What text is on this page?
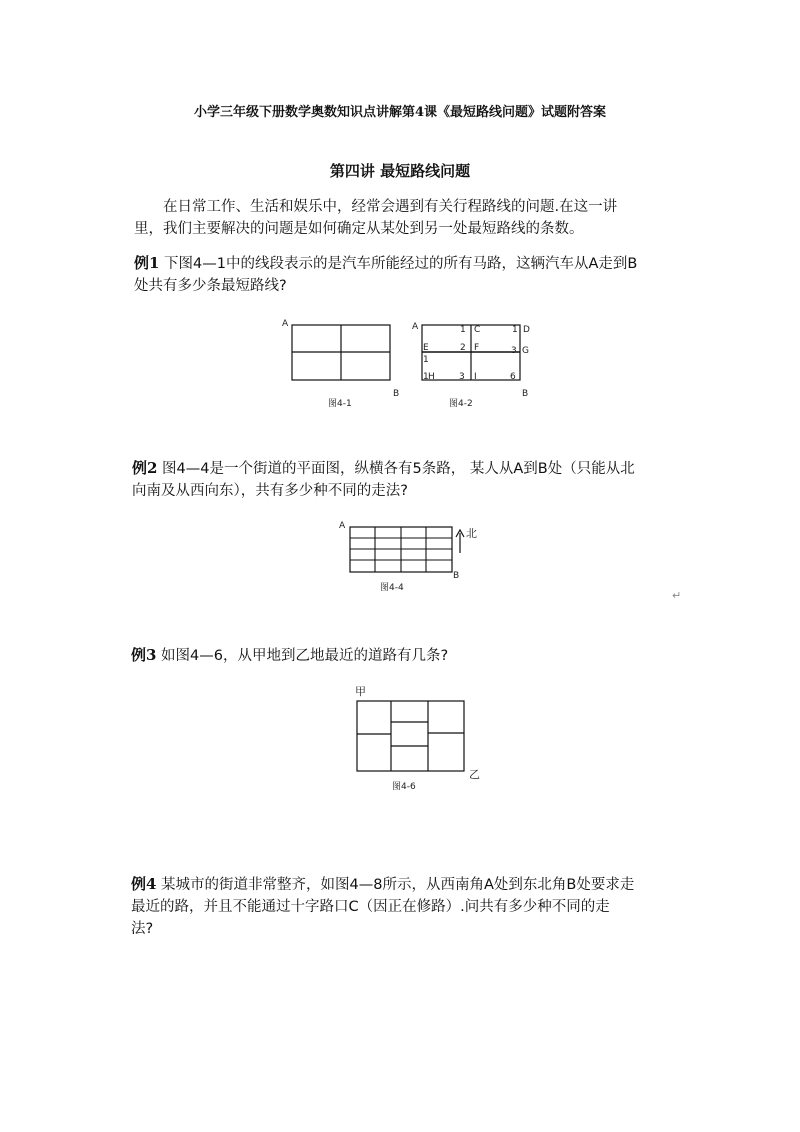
小学三年级下册数学奥数知识点讲解第4课《最短路线问题》试题附答案
第四讲 最短路线问题
在日常工作、生活和娱乐中，经常会遇到有关行程路线的问题.在这一讲
里，我们主要解决的问题是如何确定从某处到另一处最短路线的条数。
例1 下图4—1中的线段表示的是汽车所能经过的所有马路，这辆汽车从A走到B
处共有多少条最短路线?
A
B
图4-1
A	1 C	1 D
E
1
2 F	3 G
1 H	3 I	6
B
图4-2
例2 图4—4是一个街道的平面图，纵横各有5条路， 某人从A到B处（只能从北
向南及从西向东），共有多少种不同的走法?
A
B
北
图4-4
↵
例3 如图4—6，从甲地到乙地最近的道路有几条?
甲
乙
图4-6
例4 某城市的街道非常整齐，如图4—8所示，从西南角A处到东北角B处要求走
最近的路，并且不能通过十字路口C（因正在修路）.问共有多少种不同的走
法?
